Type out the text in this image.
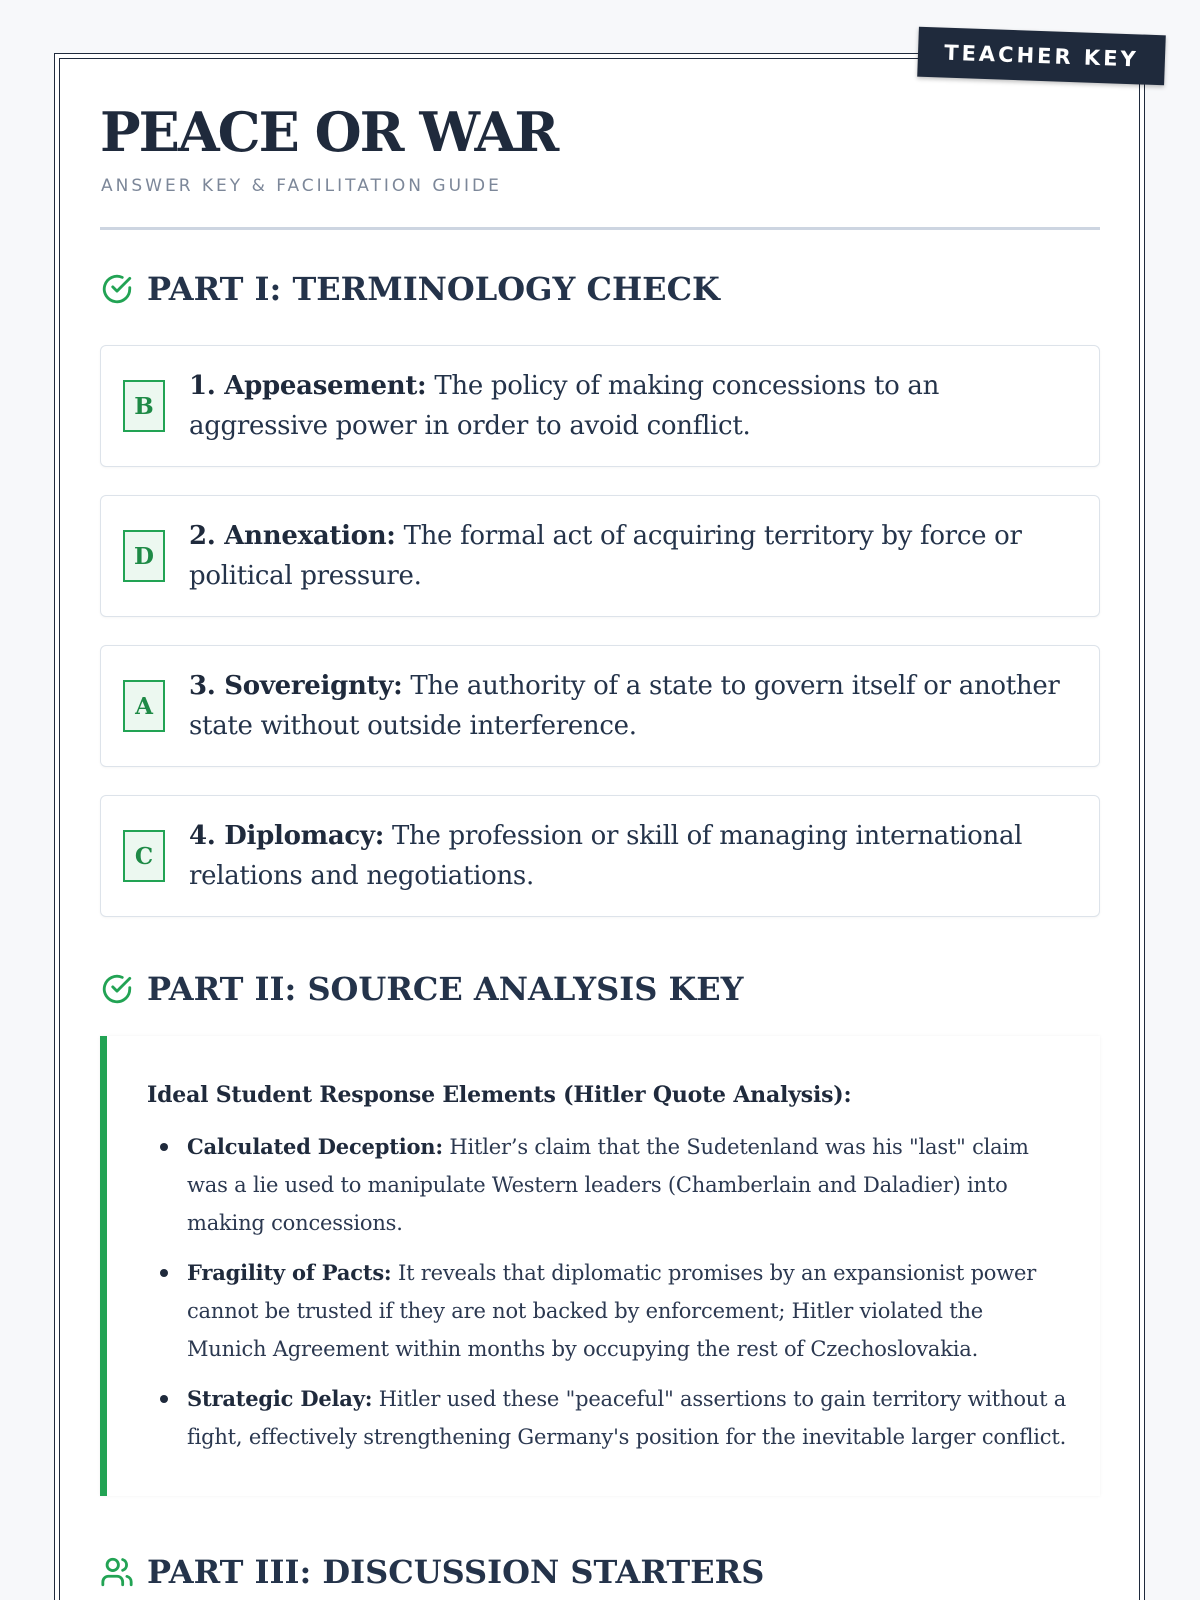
TEACHER KEY
PEACE OR WAR
ANSWER KEY & FACILITATION GUIDE
PART I: TERMINOLOGY CHECK
B
1. Appeasement: The policy of making concessions to an aggressive power in order to avoid conflict.
D
2. Annexation: The formal act of acquiring territory by force or political pressure.
A
3. Sovereignty: The authority of a state to govern itself or another state without outside interference.
C
4. Diplomacy: The profession or skill of managing international relations and negotiations.
PART II: SOURCE ANALYSIS KEY
Ideal Student Response Elements (Hitler Quote Analysis):
Calculated Deception: Hitler’s claim that the Sudetenland was his "last" claim was a lie used to manipulate Western leaders (Chamberlain and Daladier) into making concessions.
Fragility of Pacts: It reveals that diplomatic promises by an expansionist power cannot be trusted if they are not backed by enforcement; Hitler violated the Munich Agreement within months by occupying the rest of Czechoslovakia.
Strategic Delay: Hitler used these "peaceful" assertions to gain territory without a fight, effectively strengthening Germany's position for the inevitable larger conflict.
PART III: DISCUSSION STARTERS
